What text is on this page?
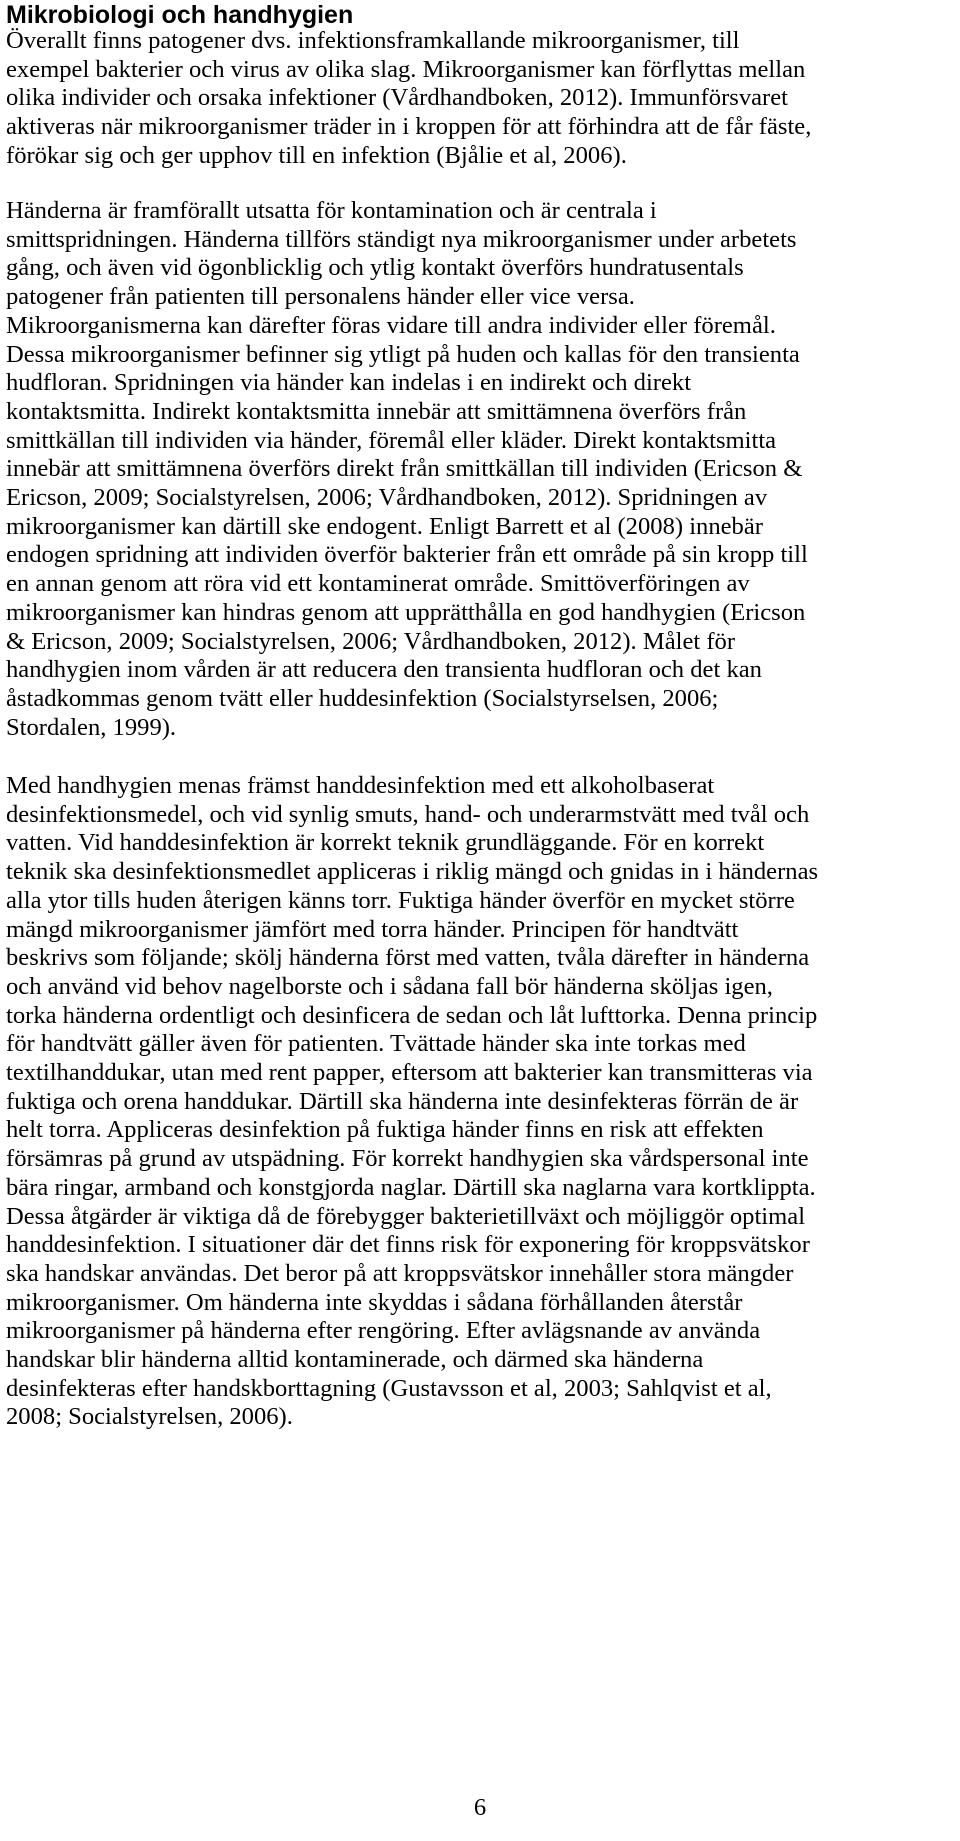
Mikrobiologi och handhygien
Överallt finns patogener dvs. infektionsframkallande mikroorganismer, till
exempel bakterier och virus av olika slag. Mikroorganismer kan förflyttas mellan
olika individer och orsaka infektioner (Vårdhandboken, 2012). Immunförsvaret
aktiveras när mikroorganismer träder in i kroppen för att förhindra att de får fäste,
förökar sig och ger upphov till en infektion (Bjålie et al, 2006).
Händerna är framförallt utsatta för kontamination och är centrala i
smittspridningen. Händerna tillförs ständigt nya mikroorganismer under arbetets
gång, och även vid ögonblicklig och ytlig kontakt överförs hundratusentals
patogener från patienten till personalens händer eller vice versa.
Mikroorganismerna kan därefter föras vidare till andra individer eller föremål.
Dessa mikroorganismer befinner sig ytligt på huden och kallas för den transienta
hudfloran. Spridningen via händer kan indelas i en indirekt och direkt
kontaktsmitta. Indirekt kontaktsmitta innebär att smittämnena överförs från
smittkällan till individen via händer, föremål eller kläder. Direkt kontaktsmitta
innebär att smittämnena överförs direkt från smittkällan till individen (Ericson &
Ericson, 2009; Socialstyrelsen, 2006; Vårdhandboken, 2012). Spridningen av
mikroorganismer kan därtill ske endogent. Enligt Barrett et al (2008) innebär
endogen spridning att individen överför bakterier från ett område på sin kropp till
en annan genom att röra vid ett kontaminerat område. Smittöverföringen av
mikroorganismer kan hindras genom att upprätthålla en god handhygien (Ericson
& Ericson, 2009; Socialstyrelsen, 2006; Vårdhandboken, 2012). Målet för
handhygien inom vården är att reducera den transienta hudfloran och det kan
åstadkommas genom tvätt eller huddesinfektion (Socialstyrselsen, 2006;
Stordalen, 1999).
Med handhygien menas främst handdesinfektion med ett alkoholbaserat
desinfektionsmedel, och vid synlig smuts, hand- och underarmstvätt med tvål och
vatten. Vid handdesinfektion är korrekt teknik grundläggande. För en korrekt
teknik ska desinfektionsmedlet appliceras i riklig mängd och gnidas in i händernas
alla ytor tills huden återigen känns torr. Fuktiga händer överför en mycket större
mängd mikroorganismer jämfört med torra händer. Principen för handtvätt
beskrivs som följande; skölj händerna först med vatten, tvåla därefter in händerna
och använd vid behov nagelborste och i sådana fall bör händerna sköljas igen,
torka händerna ordentligt och desinficera de sedan och låt lufttorka. Denna princip
för handtvätt gäller även för patienten. Tvättade händer ska inte torkas med
textilhanddukar, utan med rent papper, eftersom att bakterier kan transmitteras via
fuktiga och orena handdukar. Därtill ska händerna inte desinfekteras förrän de är
helt torra. Appliceras desinfektion på fuktiga händer finns en risk att effekten
försämras på grund av utspädning. För korrekt handhygien ska vårdspersonal inte
bära ringar, armband och konstgjorda naglar. Därtill ska naglarna vara kortklippta.
Dessa åtgärder är viktiga då de förebygger bakterietillväxt och möjliggör optimal
handdesinfektion. I situationer där det finns risk för exponering för kroppsvätskor
ska handskar användas. Det beror på att kroppsvätskor innehåller stora mängder
mikroorganismer. Om händerna inte skyddas i sådana förhållanden återstår
mikroorganismer på händerna efter rengöring. Efter avlägsnande av använda
handskar blir händerna alltid kontaminerade, och därmed ska händerna
desinfekteras efter handskborttagning (Gustavsson et al, 2003; Sahlqvist et al,
2008; Socialstyrelsen, 2006).
6
